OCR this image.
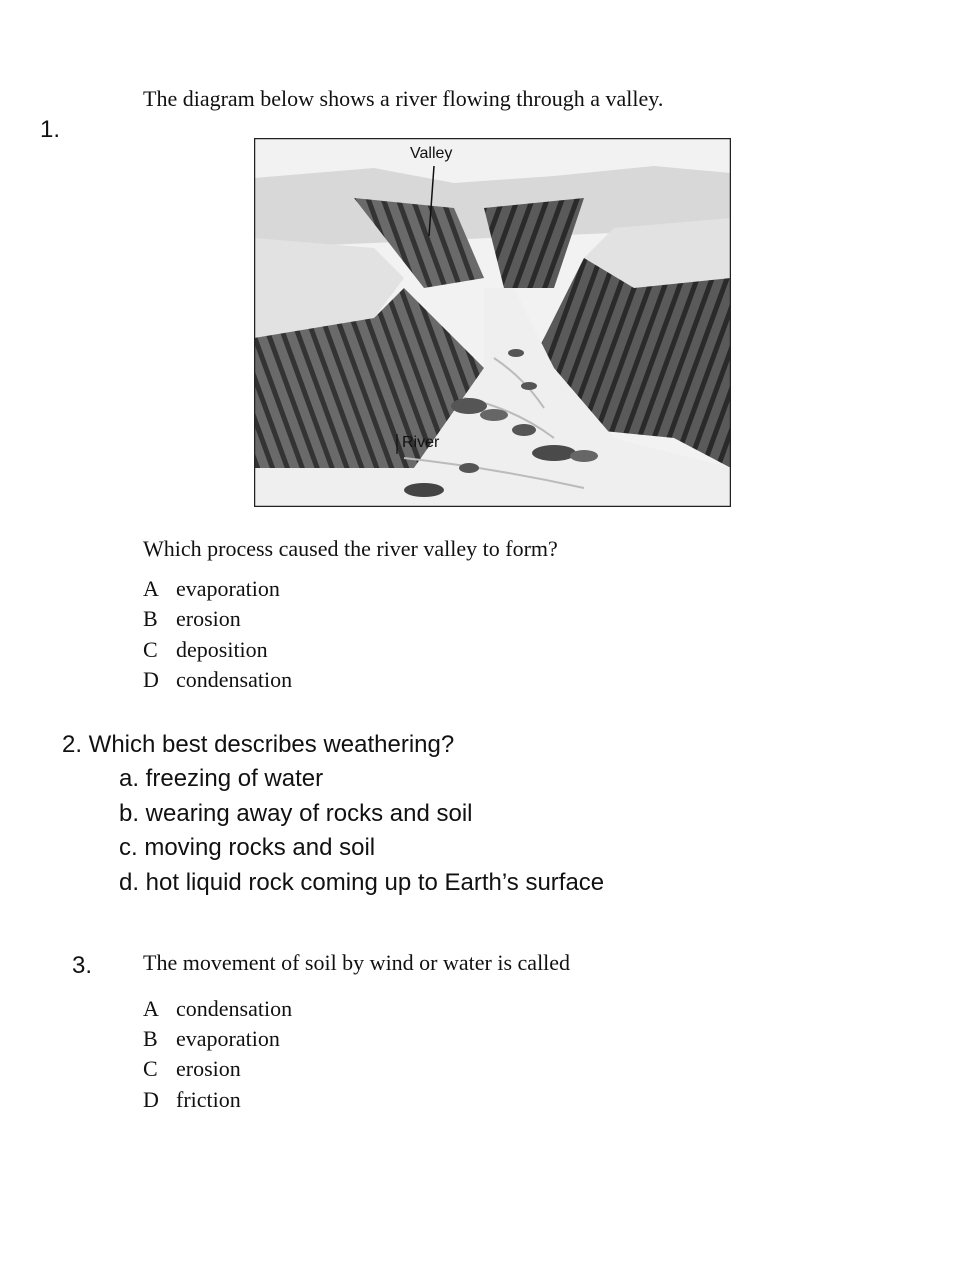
1.
The diagram below shows a river flowing through a valley.
Valley
River
Which process caused the river valley to form?
A evaporation
B erosion
C deposition
D condensation
2. Which best describes weathering?
a. freezing of water
b. wearing away of rocks and soil
c. moving rocks and soil
d. hot liquid rock coming up to Earth’s surface
3. The movement of soil by wind or water is called
A condensation
B evaporation
C erosion
D friction
